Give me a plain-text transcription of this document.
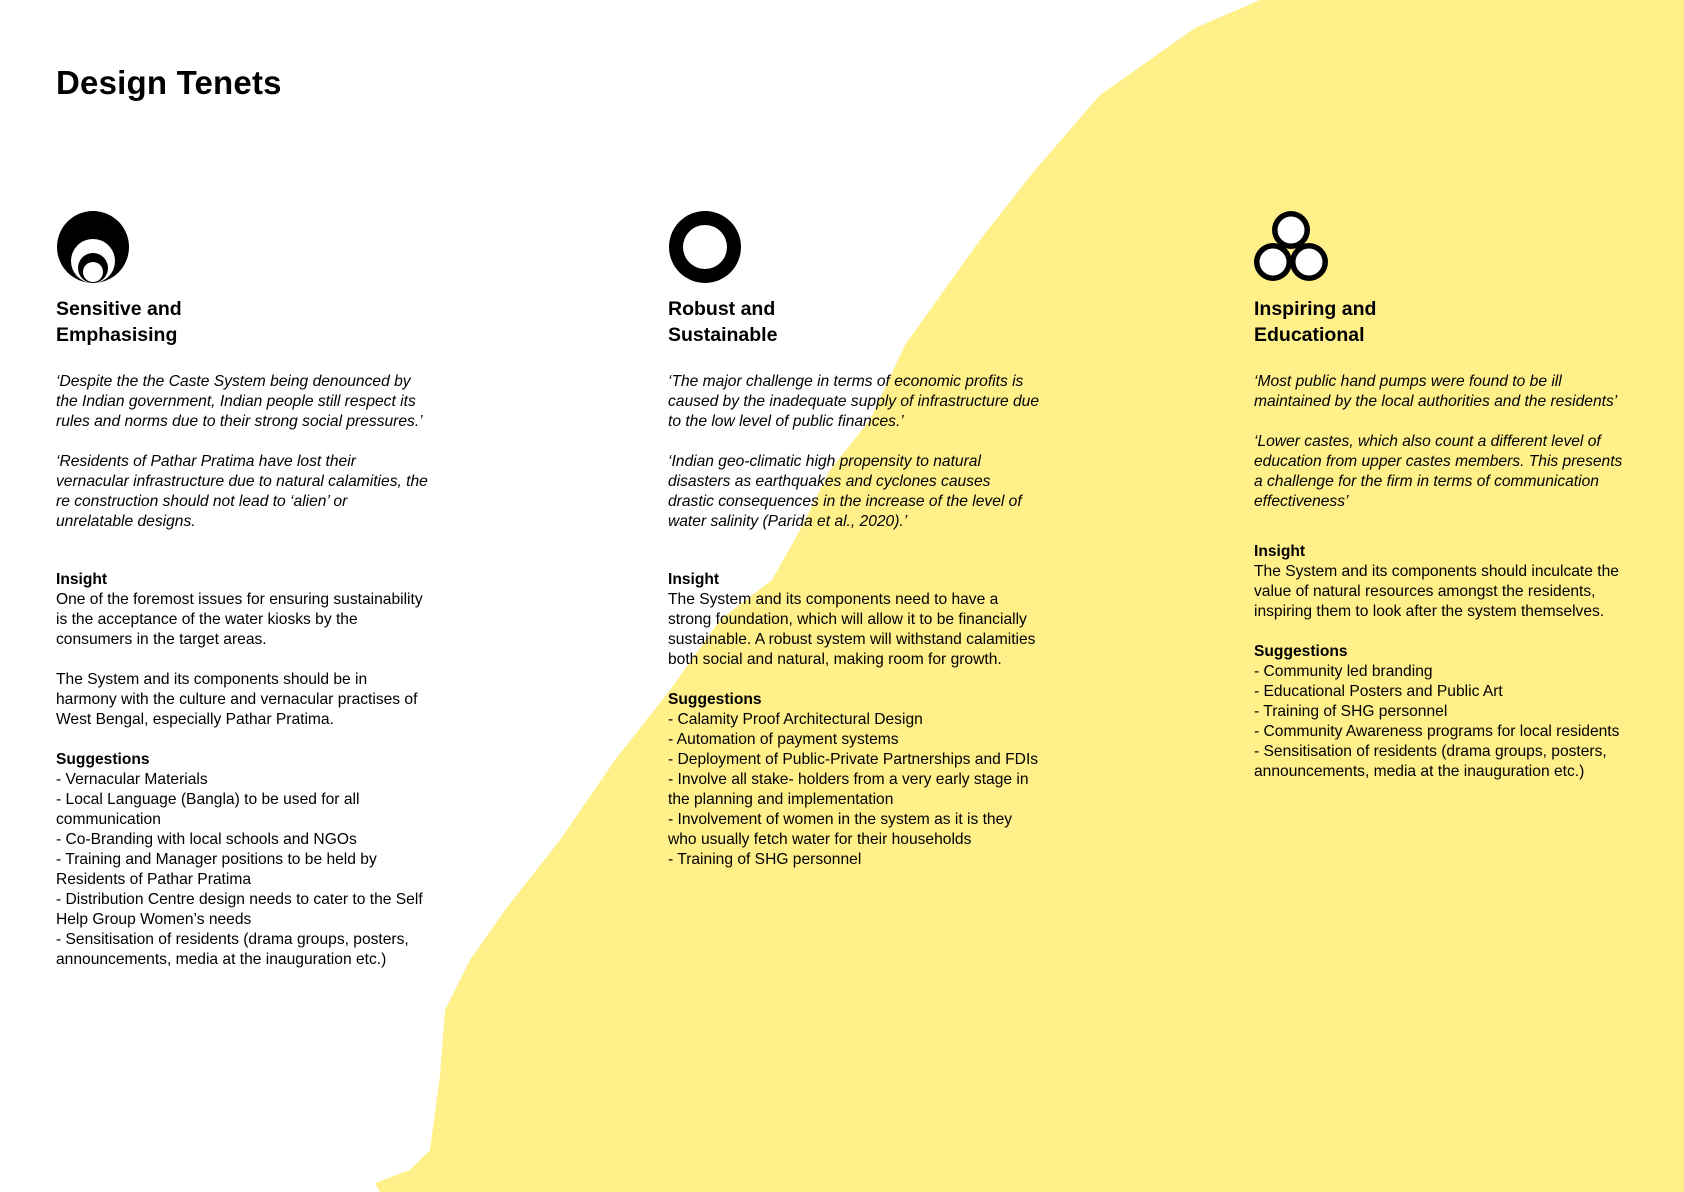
Design Tenets
Sensitive and
Emphasising

‘Despite the the Caste System being denounced by the Indian government, Indian people still respect its rules and norms due to their strong social pressures.’

‘Residents of Pathar Pratima have lost their vernacular infrastructure due to natural calamities, the re construction should not lead to ‘alien’ or unrelatable designs.

Insight

One of the foremost issues for ensuring sustainability is the acceptance of the water kiosks by the consumers in the target areas.

The System and its components should be in harmony with the culture and vernacular practises of West Bengal, especially Pathar Pratima.

Suggestions
- Vernacular Materials
- Local Language (Bangla) to be used for all communication
- Co-Branding with local schools and NGOs
- Training and Manager positions to be held by Residents of Pathar Pratima
- Distribution Centre design needs to cater to the Self Help Group Women’s needs
- Sensitisation of residents (drama groups, posters, announcements, media at the inauguration etc.)
Robust and
Sustainable

‘The major challenge in terms of economic profits is caused by the inadequate supply of infrastructure due to the low level of public finances.’

‘Indian geo-climatic high propensity to natural disasters as earthquakes and cyclones causes drastic consequences in the increase of the level of water salinity (Parida et al., 2020).’

Insight

The System and its components need to have a strong foundation, which will allow it to be financially sustainable. A robust system will withstand calamities both social and natural, making room for growth.

Suggestions
- Calamity Proof Architectural Design
- Automation of payment systems
- Deployment of Public-Private Partnerships and FDIs
- Involve all stake- holders from a very early stage in the planning and implementation
- Involvement of women in the system as it is they who usually fetch water for their households
- Training of SHG personnel
Inspiring and
Educational

‘Most public hand pumps were found to be ill maintained by the local authorities and the residents’

‘Lower castes, which also count a different level of education from upper castes members. This presents a challenge for the firm in terms of communication effectiveness’

Insight

The System and its components should inculcate the value of natural resources amongst the residents, inspiring them to look after the system themselves.

Suggestions
- Community led branding
- Educational Posters and Public Art
- Training of SHG personnel
- Community Awareness programs for local residents
- Sensitisation of residents (drama groups, posters, announcements, media at the inauguration etc.)
